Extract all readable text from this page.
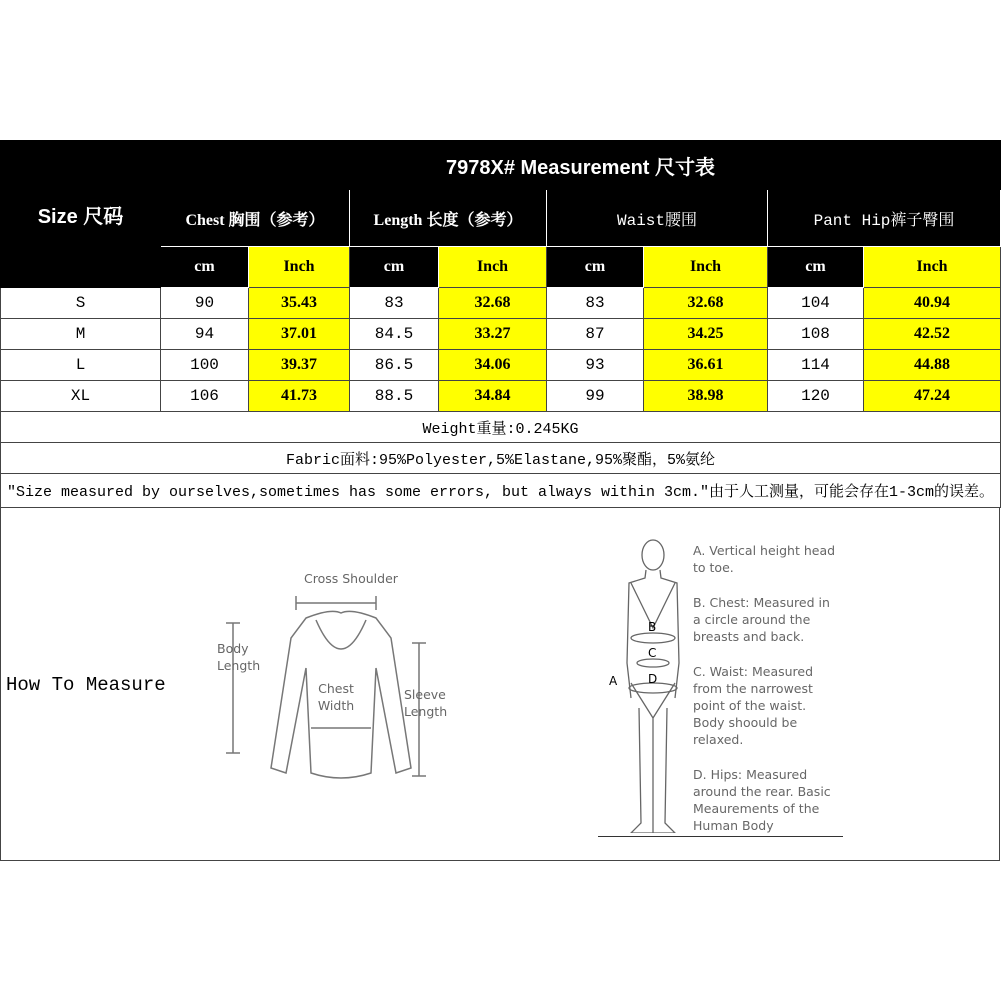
Size 尺码	7978X# Measurement 尺寸表							
	Chest 胸围（参考）		Length 长度（参考）		Waist腰围		Pant Hip裤子臀围	
	cm	Inch	cm	Inch	cm	Inch	cm	Inch
S	90	35.43	83	32.68	83	32.68	104	40.94
M	94	37.01	84.5	33.27	87	34.25	108	42.52
L	100	39.37	86.5	34.06	93	36.61	114	44.88
XL	106	41.73	88.5	34.84	99	38.98	120	47.24
Weight重量:0.245KG								
Fabric面料:95%Polyester,5%Elastane,95%聚酯，5%氨纶								
"Size measured by ourselves,sometimes has some errors, but always within 3cm."由于人工测量，可能会存在1-3cm的误差。								
How To Measure
Cross Shoulder
Body Length
Chest Width
Sleeve Length
A
B
C
D
A. Vertical height head to toe.
B. Chest: Measured in a circle around the breasts and back.
C. Waist: Measured from the narrowest point of the waist. Body shoould be relaxed.
D. Hips: Measured around the rear. Basic Meaurements of the Human Body
